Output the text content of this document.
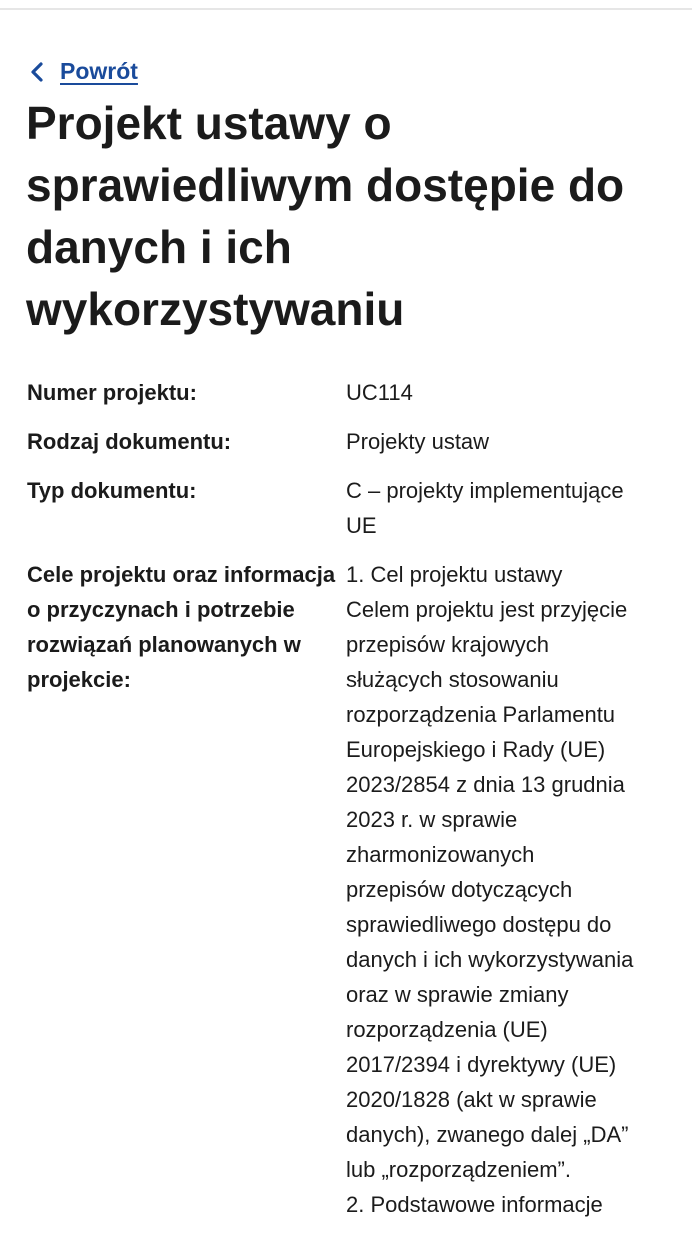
Powrót
Projekt ustawy o sprawiedliwym dostępie do danych i ich wykorzystywaniu
Numer projektu:	UC114
Rodzaj dokumentu:	Projekty ustaw
Typ dokumentu:	C – projekty implementujące
UE
Cele projektu oraz informacja o przyczynach i potrzebie rozwiązań planowanych w projekcie:
1. Cel projektu ustawy
Celem projektu jest przyjęcie
przepisów krajowych
służących stosowaniu
rozporządzenia Parlamentu
Europejskiego i Rady (UE)
2023/2854 z dnia 13 grudnia
2023 r. w sprawie
zharmonizowanych
przepisów dotyczących
sprawiedliwego dostępu do
danych i ich wykorzystywania
oraz w sprawie zmiany
rozporządzenia (UE)
2017/2394 i dyrektywy (UE)
2020/1828 (akt w sprawie
danych), zwanego dalej „DA”
lub „rozporządzeniem”.
2. Podstawowe informacje
